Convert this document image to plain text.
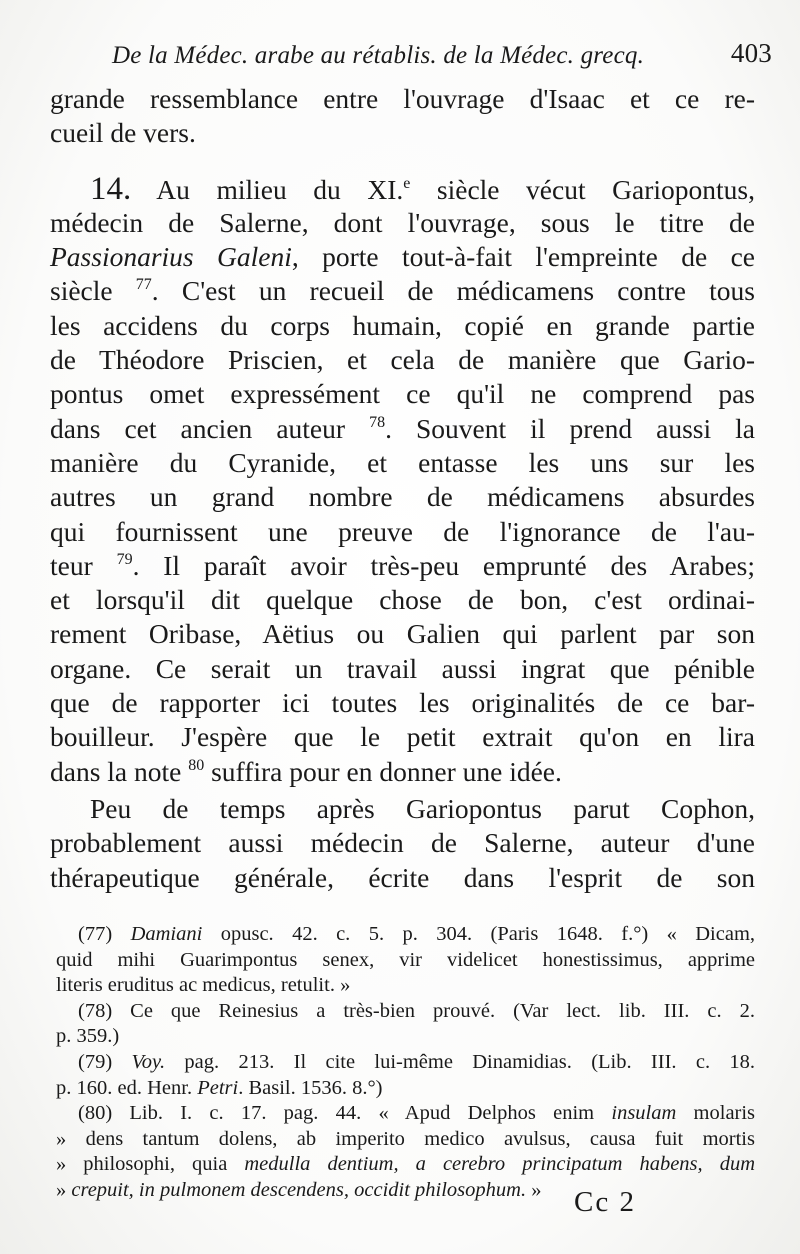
De la Médec. arabe au rétablis. de la Médec. grecq.	403
grande ressemblance entre l'ouvrage d'Isaac et ce re-
cueil de vers.
14. Au milieu du XI.$^e$ siècle vécut Gariopontus,
médecin de Salerne, dont l'ouvrage, sous le titre de
Passionarius Galeni, porte tout-à-fait l'empreinte de ce
siècle $^{77}$. C'est un recueil de médicamens contre tous
les accidens du corps humain, copié en grande partie
de Théodore Priscien, et cela de manière que Gario-
pontus omet expressément ce qu'il ne comprend pas
dans cet ancien auteur $^{78}$. Souvent il prend aussi la
manière du Cyranide, et entasse les uns sur les
autres un grand nombre de médicamens absurdes
qui fournissent une preuve de l'ignorance de l'au-
teur $^{79}$. Il paraît avoir très-peu emprunté des Arabes;
et lorsqu'il dit quelque chose de bon, c'est ordinai-
rement Oribase, Aëtius ou Galien qui parlent par son
organe. Ce serait un travail aussi ingrat que pénible
que de rapporter ici toutes les originalités de ce bar-
bouilleur. J'espère que le petit extrait qu'on en lira
dans la note $^{80}$ suffira pour en donner une idée.
Peu de temps après Gariopontus parut Cophon,
probablement aussi médecin de Salerne, auteur d'une
thérapeutique générale, écrite dans l'esprit de son
(77) Damiani opusc. 42. c. 5. p. 304. (Paris 1648. f.°) « Dicam,
quid mihi Guarimpontus senex, vir videlicet honestissimus, apprime
literis eruditus ac medicus, retulit. »
(78) Ce que Reinesius a très-bien prouvé. (Var lect. lib. III. c. 2.
p. 359.)
(79) Voy. pag. 213. Il cite lui-même Dinamidias. (Lib. III. c. 18.
p. 160. ed. Henr. Petri. Basil. 1536. 8.°)
(80) Lib. I. c. 17. pag. 44. « Apud Delphos enim insulam molaris
» dens tantum dolens, ab imperito medico avulsus, causa fuit mortis
» philosophi, quia medulla dentium, a cerebro principatum habens, dum
» crepuit, in pulmonem descendens, occidit philosophum. »	Cc 2
